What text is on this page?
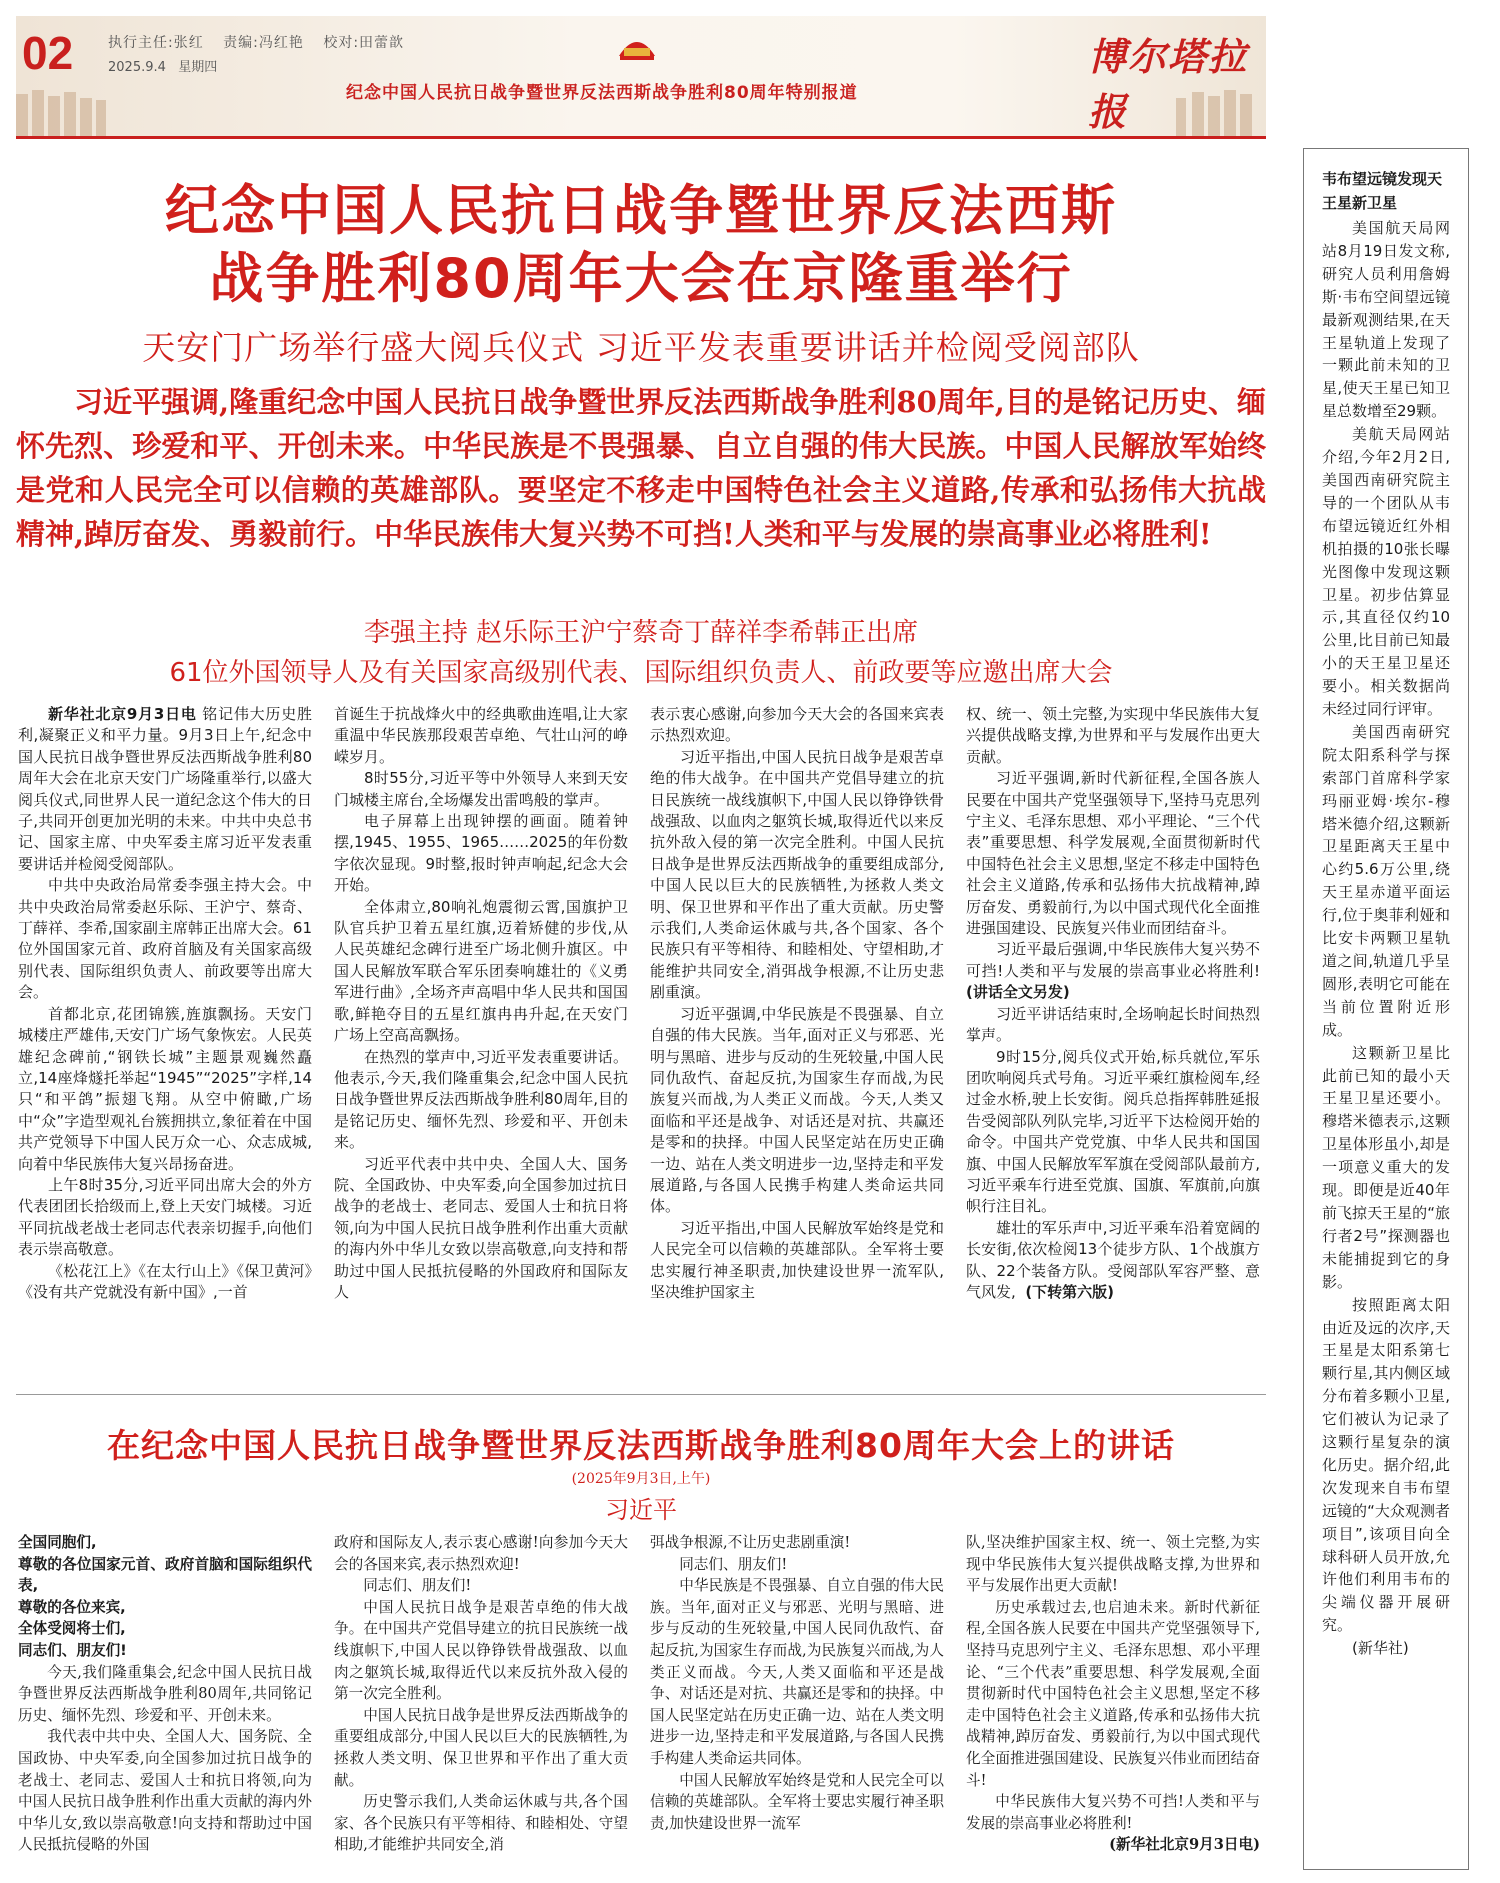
02 执行主任:张红 责编:冯红艳 校对:田蕾歆
2025.9.4 星期四
纪念中国人民抗日战争暨世界反法西斯战争胜利80周年特别报道
博尔塔拉报
纪念中国人民抗日战争暨世界反法西斯
战争胜利80周年大会在京隆重举行
天安门广场举行盛大阅兵仪式 习近平发表重要讲话并检阅受阅部队
习近平强调,隆重纪念中国人民抗日战争暨世界反法西斯战争胜利80周年,目的是铭记历史、缅怀先烈、珍爱和平、开创未来。中华民族是不畏强暴、自立自强的伟大民族。中国人民解放军始终是党和人民完全可以信赖的英雄部队。要坚定不移走中国特色社会主义道路,传承和弘扬伟大抗战精神,踔厉奋发、勇毅前行。中华民族伟大复兴势不可挡!人类和平与发展的崇高事业必将胜利!
李强主持 赵乐际王沪宁蔡奇丁薛祥李希韩正出席
61位外国领导人及有关国家高级别代表、国际组织负责人、前政要等应邀出席大会

新华社北京9月3日电 铭记伟大历史胜利,凝聚正义和平力量。9月3日上午,纪念中国人民抗日战争暨世界反法西斯战争胜利80周年大会在北京天安门广场隆重举行,以盛大阅兵仪式,同世界人民一道纪念这个伟大的日子,共同开创更加光明的未来。中共中央总书记、国家主席、中央军委主席习近平发表重要讲话并检阅受阅部队。

中共中央政治局常委李强主持大会。中共中央政治局常委赵乐际、王沪宁、蔡奇、丁薛祥、李希,国家副主席韩正出席大会。61位外国国家元首、政府首脑及有关国家高级别代表、国际组织负责人、前政要等出席大会。

首都北京,花团锦簇,旌旗飘扬。天安门城楼庄严雄伟,天安门广场气象恢宏。人民英雄纪念碑前,“钢铁长城”主题景观巍然矗立,14座烽燧托举起“1945”“2025”字样,14只“和平鸽”振翅飞翔。从空中俯瞰,广场中“众”字造型观礼台簇拥拱立,象征着在中国共产党领导下中国人民万众一心、众志成城,向着中华民族伟大复兴昂扬奋进。

上午8时35分,习近平同出席大会的外方代表团团长拾级而上,登上天安门城楼。习近平同抗战老战士老同志代表亲切握手,向他们表示崇高敬意。

《松花江上》《在太行山上》《保卫黄河》《没有共产党就没有新中国》,一首

首诞生于抗战烽火中的经典歌曲连唱,让大家重温中华民族那段艰苦卓绝、气壮山河的峥嵘岁月。

8时55分,习近平等中外领导人来到天安门城楼主席台,全场爆发出雷鸣般的掌声。

电子屏幕上出现钟摆的画面。随着钟摆,1945、1955、1965……2025的年份数字依次显现。9时整,报时钟声响起,纪念大会开始。

全体肃立,80响礼炮震彻云霄,国旗护卫队官兵护卫着五星红旗,迈着矫健的步伐,从人民英雄纪念碑行进至广场北侧升旗区。中国人民解放军联合军乐团奏响雄壮的《义勇军进行曲》,全场齐声高唱中华人民共和国国歌,鲜艳夺目的五星红旗冉冉升起,在天安门广场上空高高飘扬。

在热烈的掌声中,习近平发表重要讲话。他表示,今天,我们隆重集会,纪念中国人民抗日战争暨世界反法西斯战争胜利80周年,目的是铭记历史、缅怀先烈、珍爱和平、开创未来。

习近平代表中共中央、全国人大、国务院、全国政协、中央军委,向全国参加过抗日战争的老战士、老同志、爱国人士和抗日将领,向为中国人民抗日战争胜利作出重大贡献的海内外中华儿女致以崇高敬意,向支持和帮助过中国人民抵抗侵略的外国政府和国际友人

表示衷心感谢,向参加今天大会的各国来宾表示热烈欢迎。

习近平指出,中国人民抗日战争是艰苦卓绝的伟大战争。在中国共产党倡导建立的抗日民族统一战线旗帜下,中国人民以铮铮铁骨战强敌、以血肉之躯筑长城,取得近代以来反抗外敌入侵的第一次完全胜利。中国人民抗日战争是世界反法西斯战争的重要组成部分,中国人民以巨大的民族牺牲,为拯救人类文明、保卫世界和平作出了重大贡献。历史警示我们,人类命运休戚与共,各个国家、各个民族只有平等相待、和睦相处、守望相助,才能维护共同安全,消弭战争根源,不让历史悲剧重演。

习近平强调,中华民族是不畏强暴、自立自强的伟大民族。当年,面对正义与邪恶、光明与黑暗、进步与反动的生死较量,中国人民同仇敌忾、奋起反抗,为国家生存而战,为民族复兴而战,为人类正义而战。今天,人类又面临和平还是战争、对话还是对抗、共赢还是零和的抉择。中国人民坚定站在历史正确一边、站在人类文明进步一边,坚持走和平发展道路,与各国人民携手构建人类命运共同体。

习近平指出,中国人民解放军始终是党和人民完全可以信赖的英雄部队。全军将士要忠实履行神圣职责,加快建设世界一流军队,坚决维护国家主

权、统一、领土完整,为实现中华民族伟大复兴提供战略支撑,为世界和平与发展作出更大贡献。

习近平强调,新时代新征程,全国各族人民要在中国共产党坚强领导下,坚持马克思列宁主义、毛泽东思想、邓小平理论、“三个代表”重要思想、科学发展观,全面贯彻新时代中国特色社会主义思想,坚定不移走中国特色社会主义道路,传承和弘扬伟大抗战精神,踔厉奋发、勇毅前行,为以中国式现代化全面推进强国建设、民族复兴伟业而团结奋斗。

习近平最后强调,中华民族伟大复兴势不可挡!人类和平与发展的崇高事业必将胜利!(讲话全文另发)

习近平讲话结束时,全场响起长时间热烈掌声。

9时15分,阅兵仪式开始,标兵就位,军乐团吹响阅兵式号角。习近平乘红旗检阅车,经过金水桥,驶上长安街。阅兵总指挥韩胜延报告受阅部队列队完毕,习近平下达检阅开始的命令。中国共产党党旗、中华人民共和国国旗、中国人民解放军军旗在受阅部队最前方,习近平乘车行进至党旗、国旗、军旗前,向旗帜行注目礼。

雄壮的军乐声中,习近平乘车沿着宽阔的长安街,依次检阅13个徒步方队、1个战旗方队、22个装备方队。受阅部队军容严整、意气风发, (下转第六版)

在纪念中国人民抗日战争暨世界反法西斯战争胜利80周年大会上的讲话
(2025年9月3日,上午)
习近平

全国同胞们,
尊敬的各位国家元首、政府首脑和国际组织代表,
尊敬的各位来宾,
全体受阅将士们,
同志们、朋友们!

今天,我们隆重集会,纪念中国人民抗日战争暨世界反法西斯战争胜利80周年,共同铭记历史、缅怀先烈、珍爱和平、开创未来。

我代表中共中央、全国人大、国务院、全国政协、中央军委,向全国参加过抗日战争的老战士、老同志、爱国人士和抗日将领,向为中国人民抗日战争胜利作出重大贡献的海内外中华儿女,致以崇高敬意!向支持和帮助过中国人民抵抗侵略的外国

政府和国际友人,表示衷心感谢!向参加今天大会的各国来宾,表示热烈欢迎!

同志们、朋友们!

中国人民抗日战争是艰苦卓绝的伟大战争。在中国共产党倡导建立的抗日民族统一战线旗帜下,中国人民以铮铮铁骨战强敌、以血肉之躯筑长城,取得近代以来反抗外敌入侵的第一次完全胜利。

中国人民抗日战争是世界反法西斯战争的重要组成部分,中国人民以巨大的民族牺牲,为拯救人类文明、保卫世界和平作出了重大贡献。

历史警示我们,人类命运休戚与共,各个国家、各个民族只有平等相待、和睦相处、守望相助,才能维护共同安全,消

弭战争根源,不让历史悲剧重演!

同志们、朋友们!

中华民族是不畏强暴、自立自强的伟大民族。当年,面对正义与邪恶、光明与黑暗、进步与反动的生死较量,中国人民同仇敌忾、奋起反抗,为国家生存而战,为民族复兴而战,为人类正义而战。今天,人类又面临和平还是战争、对话还是对抗、共赢还是零和的抉择。中国人民坚定站在历史正确一边、站在人类文明进步一边,坚持走和平发展道路,与各国人民携手构建人类命运共同体。

中国人民解放军始终是党和人民完全可以信赖的英雄部队。全军将士要忠实履行神圣职责,加快建设世界一流军

队,坚决维护国家主权、统一、领土完整,为实现中华民族伟大复兴提供战略支撑,为世界和平与发展作出更大贡献!

历史承载过去,也启迪未来。新时代新征程,全国各族人民要在中国共产党坚强领导下,坚持马克思列宁主义、毛泽东思想、邓小平理论、“三个代表”重要思想、科学发展观,全面贯彻新时代中国特色社会主义思想,坚定不移走中国特色社会主义道路,传承和弘扬伟大抗战精神,踔厉奋发、勇毅前行,为以中国式现代化全面推进强国建设、民族复兴伟业而团结奋斗!

中华民族伟大复兴势不可挡!人类和平与发展的崇高事业必将胜利!

(新华社北京9月3日电)

韦布望远镜发现天王星新卫星

美国航天局网站8月19日发文称,研究人员利用詹姆斯·韦布空间望远镜最新观测结果,在天王星轨道上发现了一颗此前未知的卫星,使天王星已知卫星总数增至29颗。

美航天局网站介绍,今年2月2日,美国西南研究院主导的一个团队从韦布望远镜近红外相机拍摄的10张长曝光图像中发现这颗卫星。初步估算显示,其直径仅约10公里,比目前已知最小的天王星卫星还要小。相关数据尚未经过同行评审。

美国西南研究院太阳系科学与探索部门首席科学家玛丽亚姆·埃尔-穆塔米德介绍,这颗新卫星距离天王星中心约5.6万公里,绕天王星赤道平面运行,位于奥菲利娅和比安卡两颗卫星轨道之间,轨道几乎呈圆形,表明它可能在当前位置附近形成。

这颗新卫星比此前已知的最小天王星卫星还要小。穆塔米德表示,这颗卫星体形虽小,却是一项意义重大的发现。即便是近40年前飞掠天王星的“旅行者2号”探测器也未能捕捉到它的身影。

按照距离太阳由近及远的次序,天王星是太阳系第七颗行星,其内侧区域分布着多颗小卫星,它们被认为记录了这颗行星复杂的演化历史。据介绍,此次发现来自韦布望远镜的“大众观测者项目”,该项目向全球科研人员开放,允许他们利用韦布的尖端仪器开展研究。

(新华社)
